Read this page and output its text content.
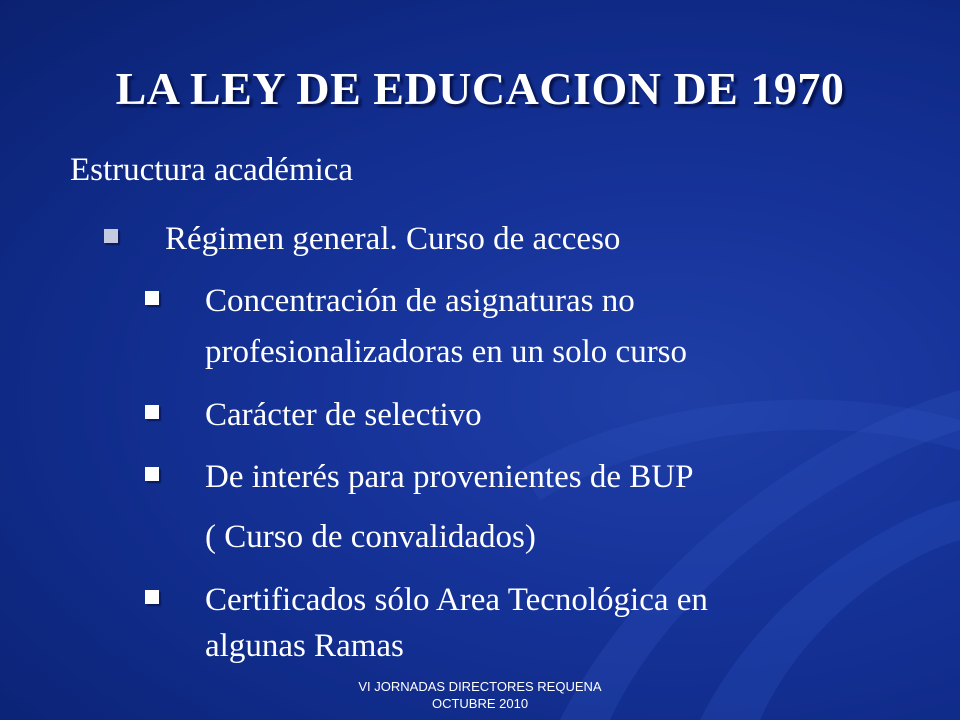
LA LEY DE EDUCACION DE 1970
Estructura académica
Régimen general. Curso de acceso
Concentración de asignaturas no
profesionalizadoras en un solo curso
Carácter de selectivo
De interés para provenientes de BUP
( Curso de convalidados)
Certificados sólo Area Tecnológica en
algunas Ramas
VI JORNADAS DIRECTORES REQUENA
OCTUBRE 2010
